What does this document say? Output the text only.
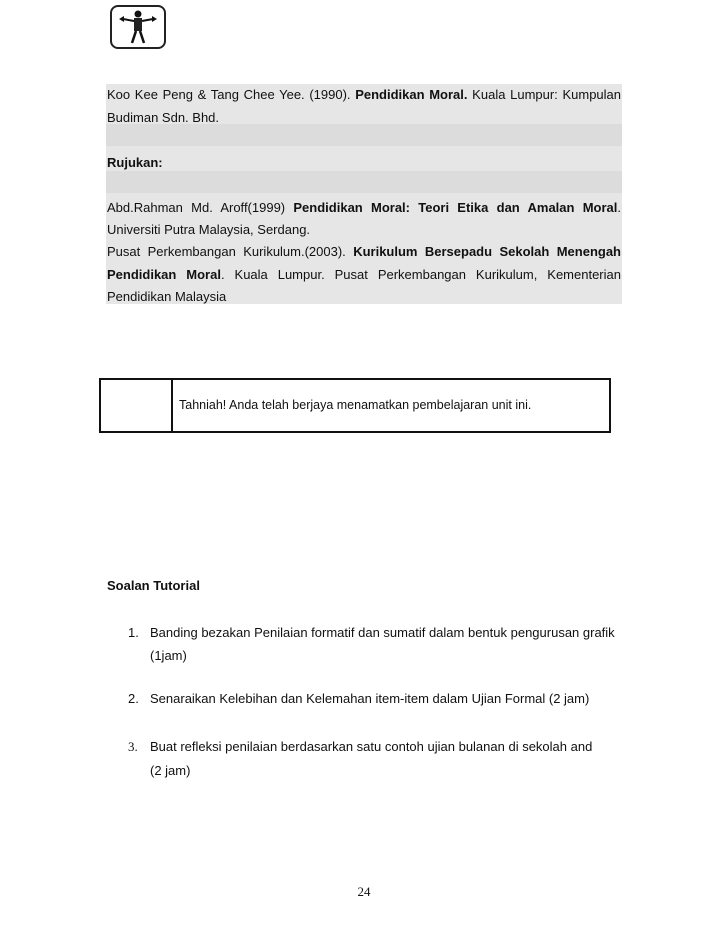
Koo Kee Peng & Tang Chee Yee. (1990). Pendidikan Moral. Kuala Lumpur: Kumpulan
Budiman Sdn. Bhd.
Rujukan:
Abd.Rahman Md. Aroff(1999) Pendidikan Moral: Teori Etika dan Amalan Moral.
Universiti Putra Malaysia, Serdang.
Pusat Perkembangan Kurikulum.(2003). Kurikulum Bersepadu Sekolah Menengah
Pendidikan Moral. Kuala Lumpur. Pusat Perkembangan Kurikulum, Kementerian
Pendidikan Malaysia
Tahniah! Anda telah berjaya menamatkan pembelajaran unit ini.
Soalan Tutorial
1. Banding bezakan Penilaian formatif dan sumatif dalam bentuk pengurusan grafik
(1jam)
2. Senaraikan Kelebihan dan Kelemahan item-item dalam Ujian Formal (2 jam)
3. Buat refleksi penilaian berdasarkan satu contoh ujian bulanan di sekolah and
(2 jam)
24
